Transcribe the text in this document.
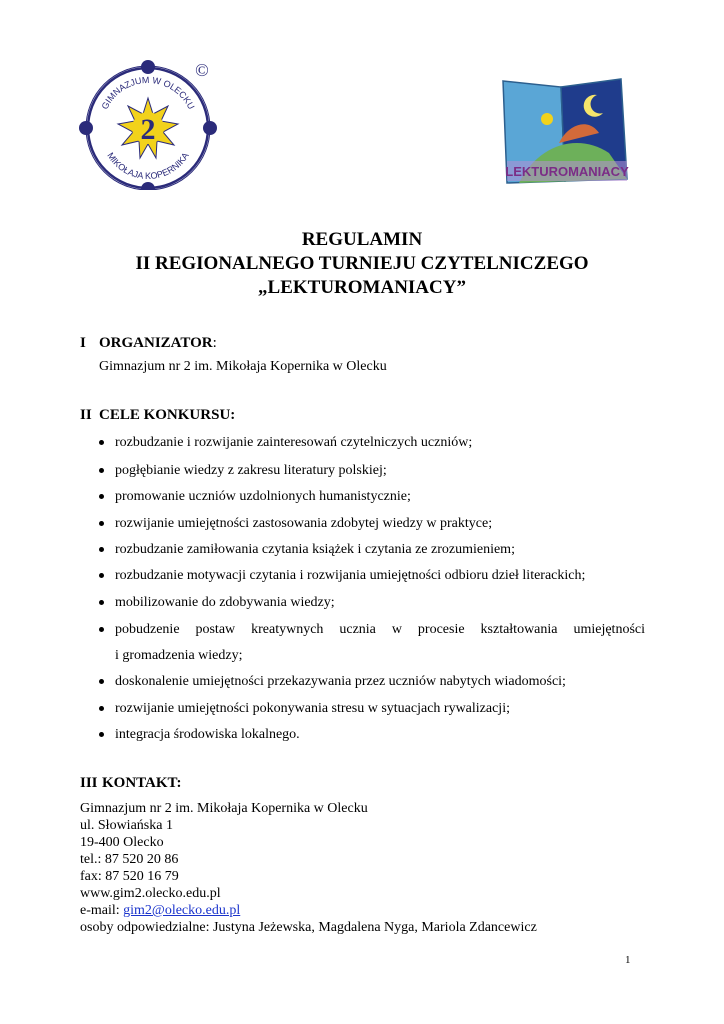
2
GIMNAZJUM W OLECKU
MIKOŁAJA KOPERNIKA
©
LEKTUROMANIACY
REGULAMIN
II REGIONALNEGO TURNIEJU CZYTELNICZEGO
„LEKTUROMANIACY”
I ORGANIZATOR:
Gimnazjum nr 2 im. Mikołaja Kopernika w Olecku
II CELE KONKURSU:
rozbudzanie i rozwijanie zainteresowań czytelniczych uczniów;
pogłębianie wiedzy z zakresu literatury polskiej;
promowanie uczniów uzdolnionych humanistycznie;
rozwijanie umiejętności zastosowania zdobytej wiedzy w praktyce;
rozbudzanie zamiłowania czytania książek i czytania ze zrozumieniem;
rozbudzanie motywacji czytania i rozwijania umiejętności odbioru dzieł literackich;
mobilizowanie do zdobywania wiedzy;
pobudzenie postaw kreatywnych ucznia w procesie kształtowania umiejętności
i gromadzenia wiedzy;
doskonalenie umiejętności przekazywania przez uczniów nabytych wiadomości;
rozwijanie umiejętności pokonywania stresu w sytuacjach rywalizacji;
integracja środowiska lokalnego.
III KONTAKT:
Gimnazjum nr 2 im. Mikołaja Kopernika w Olecku
ul. Słowiańska 1
19-400 Olecko
tel.: 87 520 20 86
fax: 87 520 16 79
www.gim2.olecko.edu.pl
e-mail: gim2@olecko.edu.pl
osoby odpowiedzialne: Justyna Jeżewska, Magdalena Nyga, Mariola Zdancewicz
1
